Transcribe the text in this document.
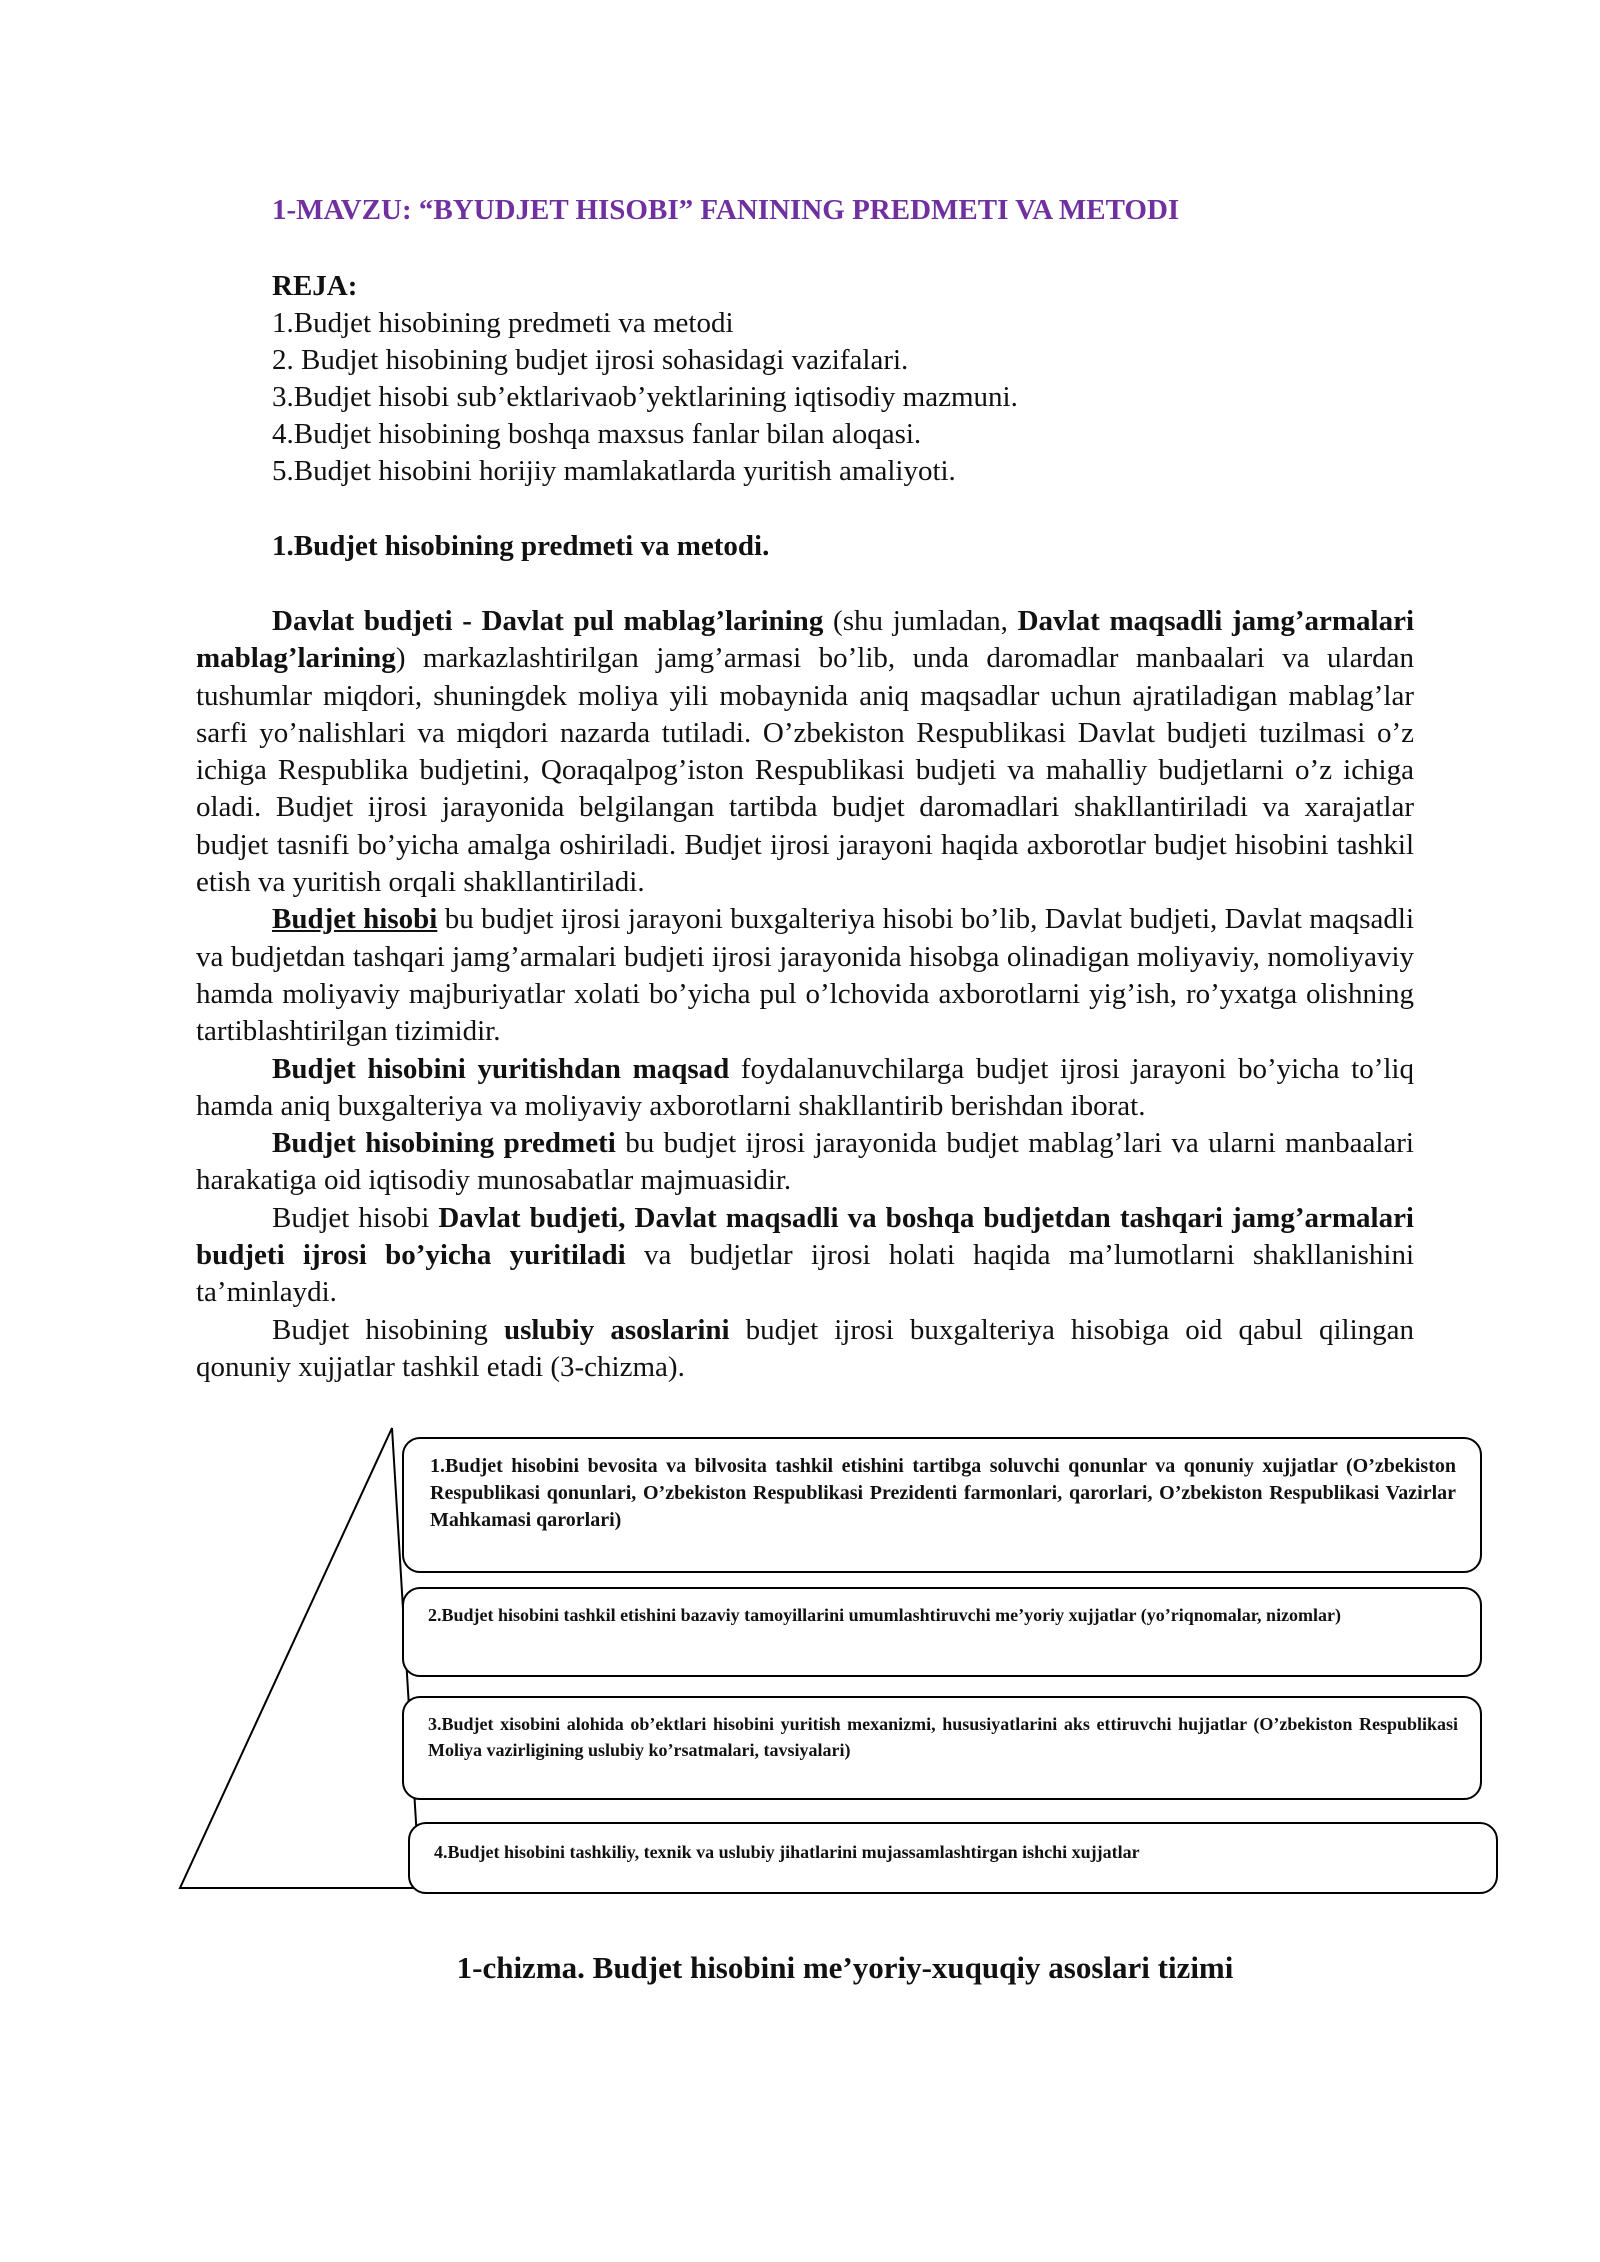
1-MAVZU: “BYUDJET HISOBI” FANINING PREDMETI VA METODI
REJA:
1.Budjet hisobining predmeti va metodi
2. Budjet hisobining budjet ijrosi sohasidagi vazifalari.
3.Budjet hisobi sub’ektlarivaob’yektlarining iqtisodiy mazmuni.
4.Budjet hisobining boshqa maxsus fanlar bilan aloqasi.
5.Budjet hisobini horijiy mamlakatlarda yuritish amaliyoti.
1.Budjet hisobining predmeti va metodi.

Davlat budjeti - Davlat pul mablag’larining (shu jumladan, Davlat maqsadli jamg’armalari mablag’larining) markazlashtirilgan jamg’armasi bo’lib, unda daromadlar manbaalari va ulardan tushumlar miqdori, shuningdek moliya yili mobaynida aniq maqsadlar uchun ajratiladigan mablag’lar sarfi yo’nalishlari va miqdori nazarda tutiladi. O’zbekiston Respublikasi Davlat budjeti tuzilmasi o’z ichiga Respublika budjetini, Qoraqalpog’iston Respublikasi budjeti va mahalliy budjetlarni o’z ichiga oladi. Budjet ijrosi jarayonida belgilangan tartibda budjet daromadlari shakllantiriladi va xarajatlar budjet tasnifi bo’yicha amalga oshiriladi. Budjet ijrosi jarayoni haqida axborotlar budjet hisobini tashkil etish va yuritish orqali shakllantiriladi.

Budjet hisobi bu budjet ijrosi jarayoni buxgalteriya hisobi bo’lib, Davlat budjeti, Davlat maqsadli va budjetdan tashqari jamg’armalari budjeti ijrosi jarayonida hisobga olinadigan moliyaviy, nomoliyaviy hamda moliyaviy majburiyatlar xolati bo’yicha pul o’lchovida axborotlarni yig’ish, ro’yxatga olishning tartiblashtirilgan tizimidir.

Budjet hisobini yuritishdan maqsad foydalanuvchilarga budjet ijrosi jarayoni bo’yicha to’liq hamda aniq buxgalteriya va moliyaviy axborotlarni shakllantirib berishdan iborat.

Budjet hisobining predmeti bu budjet ijrosi jarayonida budjet mablag’lari va ularni manbaalari harakatiga oid iqtisodiy munosabatlar majmuasidir.

Budjet hisobi Davlat budjeti, Davlat maqsadli va boshqa budjetdan tashqari jamg’armalari budjeti ijrosi bo’yicha yuritiladi va budjetlar ijrosi holati haqida ma’lumotlarni shakllanishini ta’minlaydi.

Budjet hisobining uslubiy asoslarini budjet ijrosi buxgalteriya hisobiga oid qabul qilingan qonuniy xujjatlar tashkil etadi (3-chizma).

1.Budjet hisobini bevosita va bilvosita tashkil etishini tartibga soluvchi qonunlar va qonuniy xujjatlar (O’zbekiston Respublikasi qonunlari, O’zbekiston Respublikasi Prezidenti farmonlari, qarorlari, O’zbekiston Respublikasi Vazirlar Mahkamasi qarorlari)
2.Budjet hisobini tashkil etishini bazaviy tamoyillarini umumlashtiruvchi me’yoriy xujjatlar (yo’riqnomalar, nizomlar)
3.Budjet xisobini alohida ob’ektlari hisobini yuritish mexanizmi, hususiyatlarini aks ettiruvchi hujjatlar (O’zbekiston Respublikasi Moliya vazirligining uslubiy ko’rsatmalari, tavsiyalari)
4.Budjet hisobini tashkiliy, texnik va uslubiy jihatlarini mujassamlashtirgan ishchi xujjatlar
1-chizma. Budjet hisobini me’yoriy-xuquqiy asoslari tizimi
